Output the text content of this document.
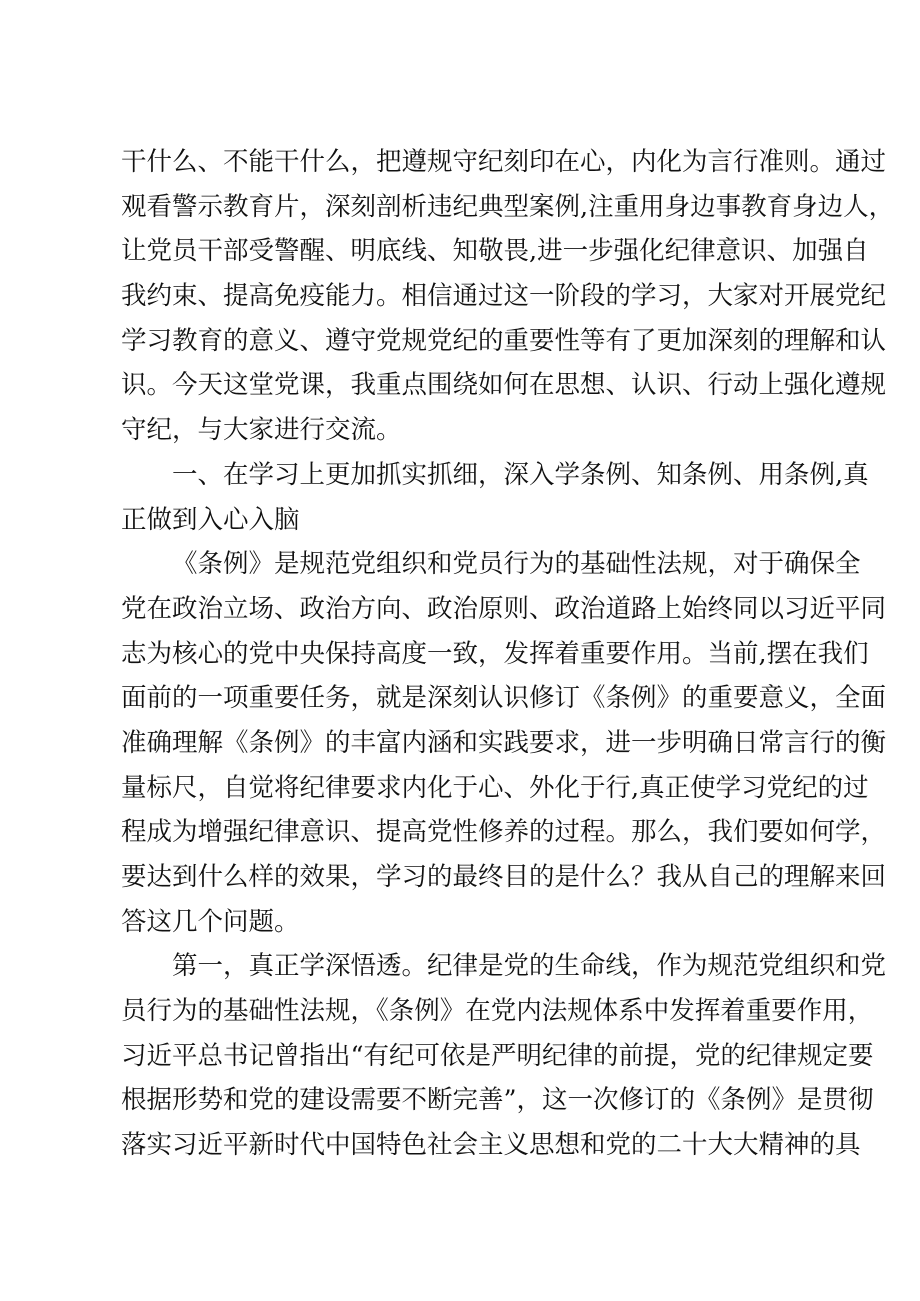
干什么、不能干什么，把遵规守纪刻印在心，内化为言行准则。通过
观看警示教育片，深刻剖析违纪典型案例,注重用身边事教育身边人，
让党员干部受警醒、明底线、知敬畏,进一步强化纪律意识、加强自
我约束、提高免疫能力。相信通过这一阶段的学习，大家对开展党纪
学习教育的意义、遵守党规党纪的重要性等有了更加深刻的理解和认
识。今天这堂党课，我重点围绕如何在思想、认识、行动上强化遵规
守纪，与大家进行交流。
一、在学习上更加抓实抓细，深入学条例、知条例、用条例,真
正做到入心入脑
《条例》是规范党组织和党员行为的基础性法规，对于确保全
党在政治立场、政治方向、政治原则、政治道路上始终同以习近平同
志为核心的党中央保持高度一致，发挥着重要作用。当前,摆在我们
面前的一项重要任务，就是深刻认识修订《条例》的重要意义，全面
准确理解《条例》的丰富内涵和实践要求，进一步明确日常言行的衡
量标尺，自觉将纪律要求内化于心、外化于行,真正使学习党纪的过
程成为增强纪律意识、提高党性修养的过程。那么，我们要如何学，
要达到什么样的效果，学习的最终目的是什么？我从自己的理解来回
答这几个问题。
第一，真正学深悟透。纪律是党的生命线，作为规范党组织和党
员行为的基础性法规，《条例》在党内法规体系中发挥着重要作用，
习近平总书记曾指出“有纪可依是严明纪律的前提，党的纪律规定要
根据形势和党的建设需要不断完善”，这一次修订的《条例》是贯彻
落实习近平新时代中国特色社会主义思想和党的二十大大精神的具
